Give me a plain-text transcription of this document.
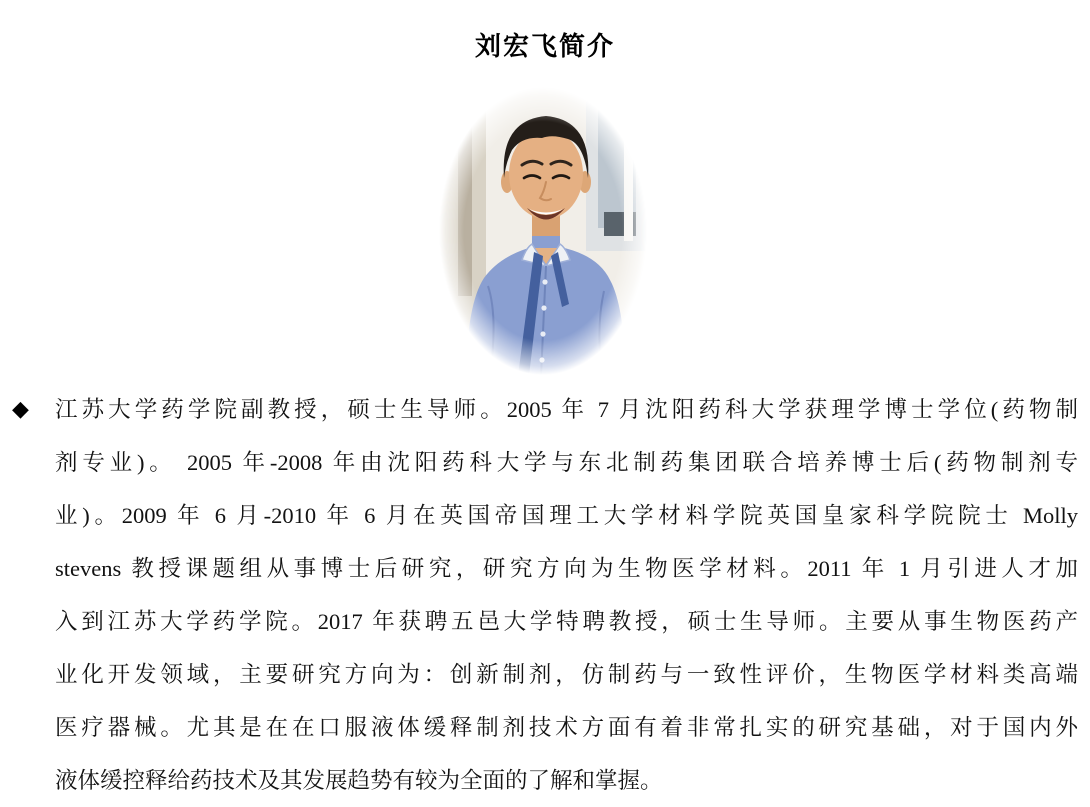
刘宏飞简介
◆ 江苏大学药学院副教授，硕士生导师。2005 年 7 月沈阳药科大学获理学博士学位(药物制
剂专业)。 2005 年-2008 年由沈阳药科大学与东北制药集团联合培养博士后(药物制剂专
业)。2009 年 6 月-2010 年 6 月在英国帝国理工大学材料学院英国皇家科学院院士 Molly
stevens 教授课题组从事博士后研究，研究方向为生物医学材料。2011 年 1 月引进人才加
入到江苏大学药学院。2017 年获聘五邑大学特聘教授，硕士生导师。主要从事生物医药产
业化开发领域，主要研究方向为：创新制剂，仿制药与一致性评价，生物医学材料类高端
医疗器械。尤其是在在口服液体缓释制剂技术方面有着非常扎实的研究基础，对于国内外
液体缓控释给药技术及其发展趋势有较为全面的了解和掌握。
